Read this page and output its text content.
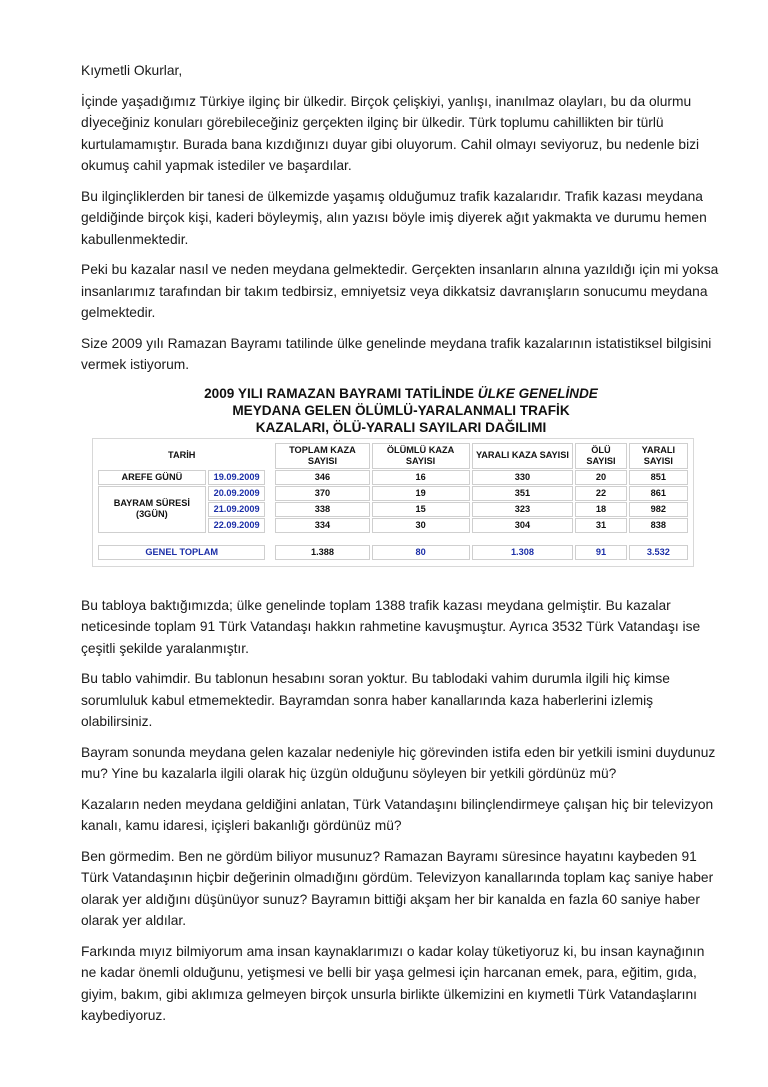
Kıymetli Okurlar,

İçinde yaşadığımız Türkiye ilginç bir ülkedir. Birçok çelişkiyi, yanlışı, inanılmaz olayları, bu da olurmu dİyeceğiniz konuları görebileceğiniz gerçekten ilginç bir ülkedir. Türk toplumu cahillikten bir türlü kurtulamamıştır. Burada bana kızdığınızı duyar gibi oluyorum. Cahil olmayı seviyoruz, bu nedenle bizi okumuş cahil yapmak istediler ve başardılar.

Bu ilginçliklerden bir tanesi de ülkemizde yaşamış olduğumuz trafik kazalarıdır. Trafik kazası meydana geldiğinde birçok kişi, kaderi böyleymiş, alın yazısı böyle imiş diyerek ağıt yakmakta ve durumu hemen kabullenmektedir.

Peki bu kazalar nasıl ve neden meydana gelmektedir. Gerçekten insanların alnına yazıldığı için mi yoksa insanlarımız tarafından bir takım tedbirsiz, emniyetsiz veya dikkatsiz davranışların sonucumu meydana gelmektedir.

Size 2009 yılı Ramazan Bayramı tatilinde ülke genelinde meydana trafik kazalarının istatistiksel bilgisini vermek istiyorum.

2009 YILI RAMAZAN BAYRAMI TATİLİNDE ÜLKE GENELİNDE
MEYDANA GELEN ÖLÜMLÜ-YARALANMALI TRAFİK
KAZALARI, ÖLÜ-YARALI SAYILARI DAĞILIMI
TARİH			TOPLAM KAZA SAYISI	ÖLÜMLÜ KAZA SAYISI	YARALI KAZA SAYISI	ÖLÜ SAYISI	YARALI SAYISI
AREFE GÜNÜ	19.09.2009		346	16	330	20	851
BAYRAM SÜRESİ (3GÜN)	20.09.2009		370	19	351	22	861
	21.09.2009		338	15	323	18	982
	22.09.2009		334	30	304	31	838

GENEL TOPLAM			1.388	80	1.308	91	3.532

Bu tabloya baktığımızda; ülke genelinde toplam 1388 trafik kazası meydana gelmiştir. Bu kazalar neticesinde toplam 91 Türk Vatandaşı hakkın rahmetine kavuşmuştur. Ayrıca 3532 Türk Vatandaşı ise çeşitli şekilde yaralanmıştır.

Bu tablo vahimdir. Bu tablonun hesabını soran yoktur. Bu tablodaki vahim durumla ilgili hiç kimse sorumluluk kabul etmemektedir. Bayramdan sonra haber kanallarında kaza haberlerini izlemiş olabilirsiniz.

Bayram sonunda meydana gelen kazalar nedeniyle hiç görevinden istifa eden bir yetkili ismini duydunuz mu? Yine bu kazalarla ilgili olarak hiç üzgün olduğunu söyleyen bir yetkili gördünüz mü?

Kazaların neden meydana geldiğini anlatan, Türk Vatandaşını bilinçlendirmeye çalışan hiç bir televizyon kanalı, kamu idaresi, içişleri bakanlığı gördünüz mü?

Ben görmedim. Ben ne gördüm biliyor musunuz? Ramazan Bayramı süresince hayatını kaybeden 91 Türk Vatandaşının hiçbir değerinin olmadığını gördüm. Televizyon kanallarında toplam kaç saniye haber olarak yer aldığını düşünüyor sunuz? Bayramın bittiği akşam her bir kanalda en fazla 60 saniye haber olarak yer aldılar.

Farkında mıyız bilmiyorum ama insan kaynaklarımızı o kadar kolay tüketiyoruz ki, bu insan kaynağının ne kadar önemli olduğunu, yetişmesi ve belli bir yaşa gelmesi için harcanan emek, para, eğitim, gıda, giyim, bakım, gibi aklımıza gelmeyen birçok unsurla birlikte ülkemizini en kıymetli Türk Vatandaşlarını kaybediyoruz.
